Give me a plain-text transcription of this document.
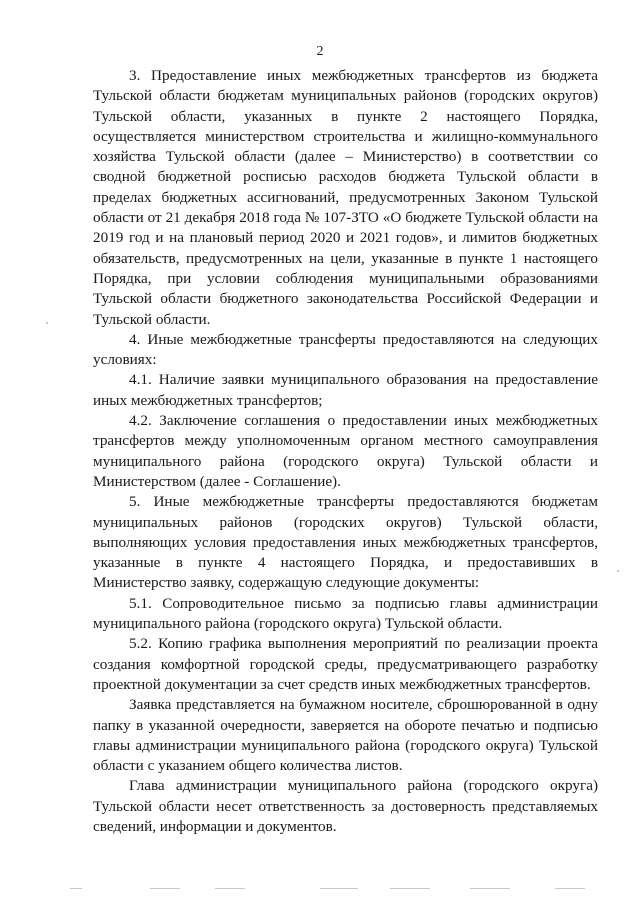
2

3. Предоставление иных межбюджетных трансфертов из бюджета Тульской области бюджетам муниципальных районов (городских округов) Тульской области, указанных в пункте 2 настоящего Порядка, осуществляется министерством строительства и жилищно-коммунального хозяйства Тульской области (далее – Министерство) в соответствии со сводной бюджетной росписью расходов бюджета Тульской области в пределах бюджетных ассигнований, предусмотренных Законом Тульской области от 21 декабря 2018 года № 107-ЗТО «О бюджете Тульской области на 2019 год и на плановый период 2020 и 2021 годов», и лимитов бюджетных обязательств, предусмотренных на цели, указанные в пункте 1 настоящего Порядка, при условии соблюдения муниципальными образованиями Тульской области бюджетного законодательства Российской Федерации и Тульской области.

4. Иные межбюджетные трансферты предоставляются на следующих условиях:

4.1. Наличие заявки муниципального образования на предоставление иных межбюджетных трансфертов;

4.2. Заключение соглашения о предоставлении иных межбюджетных трансфертов между уполномоченным органом местного самоуправления муниципального района (городского округа) Тульской области и Министерством (далее - Соглашение).

5. Иные межбюджетные трансферты предоставляются бюджетам муниципальных районов (городских округов) Тульской области, выполняющих условия предоставления иных межбюджетных трансфертов, указанные в пункте 4 настоящего Порядка, и предоставивших в Министерство заявку, содержащую следующие документы:

5.1. Сопроводительное письмо за подписью главы администрации муниципального района (городского округа) Тульской области.

5.2. Копию графика выполнения мероприятий по реализации проекта создания комфортной городской среды, предусматривающего разработку проектной документации за счет средств иных межбюджетных трансфертов.

Заявка представляется на бумажном носителе, сброшюрованной в одну папку в указанной очередности, заверяется на обороте печатью и подписью главы администрации муниципального района (городского округа) Тульской области с указанием общего количества листов.

Глава администрации муниципального района (городского округа) Тульской области несет ответственность за достоверность представляемых сведений, информации и документов.
